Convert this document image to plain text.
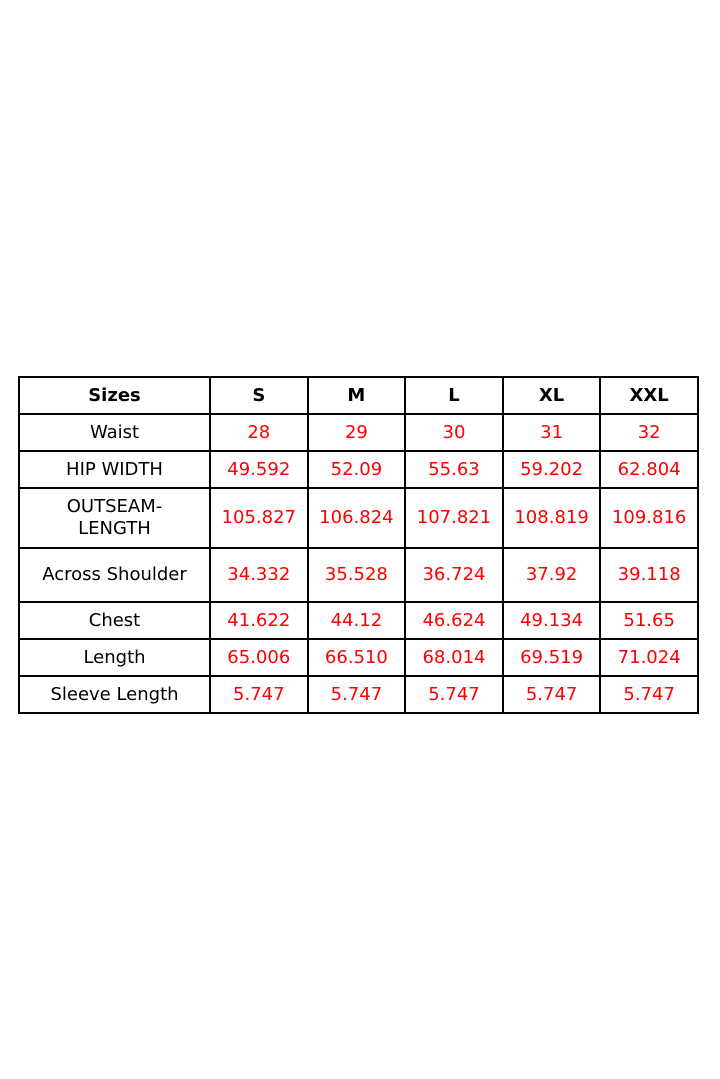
Sizes	S	M	L	XL	XXL
Waist	28	29	30	31	32
HIP WIDTH	49.592	52.09	55.63	59.202	62.804
OUTSEAM-
LENGTH	105.827	106.824	107.821	108.819	109.816
Across Shoulder	34.332	35.528	36.724	37.92	39.118
Chest	41.622	44.12	46.624	49.134	51.65
Length	65.006	66.510	68.014	69.519	71.024
Sleeve Length	5.747	5.747	5.747	5.747	5.747
